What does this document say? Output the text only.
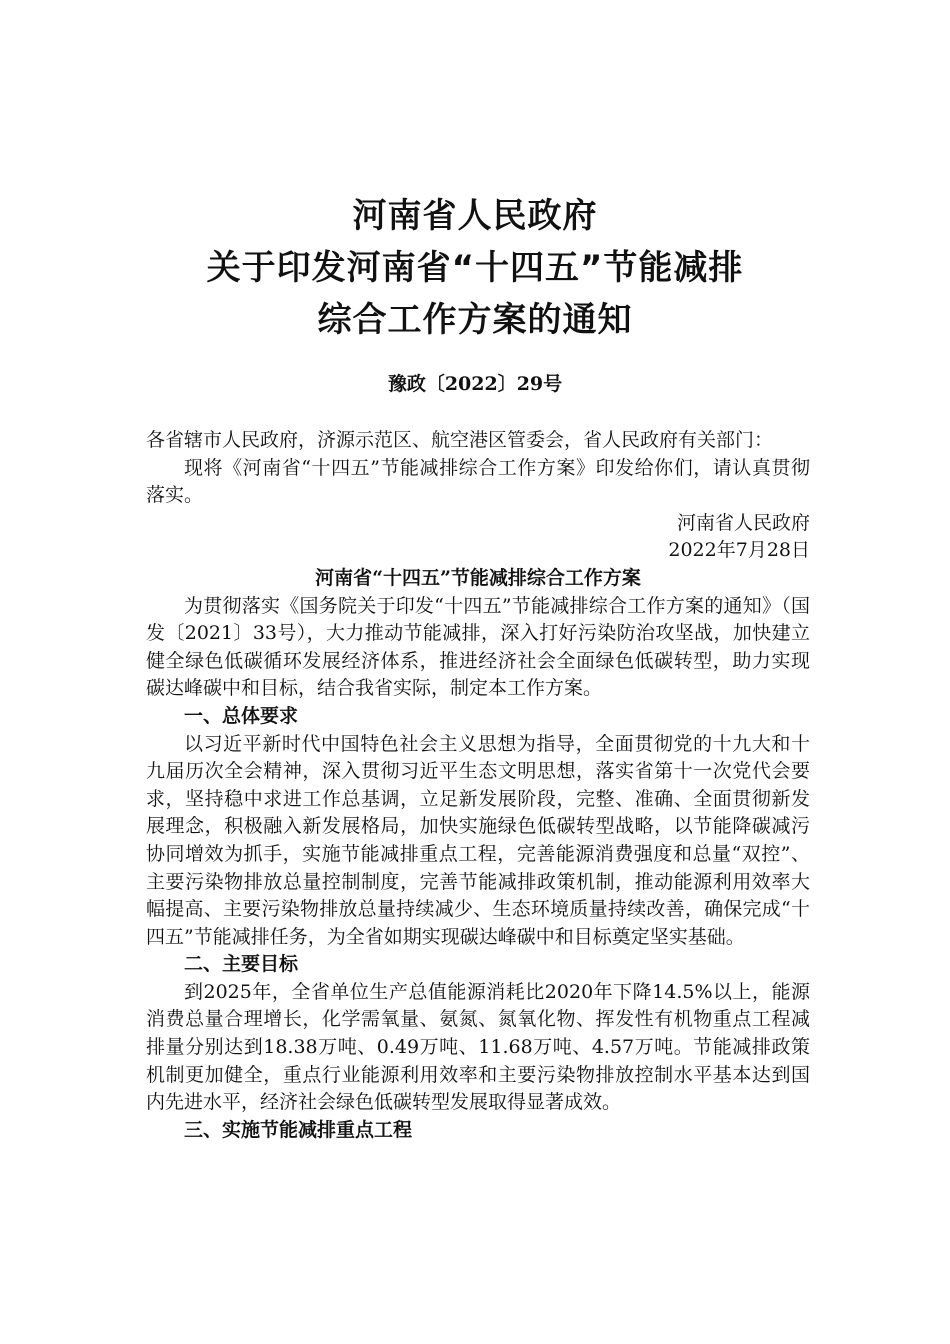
河南省人民政府
关于印发河南省“十四五”节能减排
综合工作方案的通知
豫政〔2022〕29号

各省辖市人民政府，济源示范区、航空港区管委会，省人民政府有关部门：

现将《河南省“十四五”节能减排综合工作方案》印发给你们，请认真贯彻落实。

河南省人民政府

2022年7月28日

河南省“十四五”节能减排综合工作方案

为贯彻落实《国务院关于印发“十四五”节能减排综合工作方案的通知》（国发〔2021〕33号），大力推动节能减排，深入打好污染防治攻坚战，加快建立健全绿色低碳循环发展经济体系，推进经济社会全面绿色低碳转型，助力实现碳达峰碳中和目标，结合我省实际，制定本工作方案。

一、总体要求

以习近平新时代中国特色社会主义思想为指导，全面贯彻党的十九大和十九届历次全会精神，深入贯彻习近平生态文明思想，落实省第十一次党代会要求，坚持稳中求进工作总基调，立足新发展阶段，完整、准确、全面贯彻新发展理念，积极融入新发展格局，加快实施绿色低碳转型战略，以节能降碳减污协同增效为抓手，实施节能减排重点工程，完善能源消费强度和总量“双控”、主要污染物排放总量控制制度，完善节能减排政策机制，推动能源利用效率大幅提高、主要污染物排放总量持续减少、生态环境质量持续改善，确保完成“十四五”节能减排任务，为全省如期实现碳达峰碳中和目标奠定坚实基础。

二、主要目标

到2025年，全省单位生产总值能源消耗比2020年下降14.5%以上，能源消费总量合理增长，化学需氧量、氨氮、氮氧化物、挥发性有机物重点工程减排量分别达到18.38万吨、0.49万吨、11.68万吨、4.57万吨。节能减排政策机制更加健全，重点行业能源利用效率和主要污染物排放控制水平基本达到国内先进水平，经济社会绿色低碳转型发展取得显著成效。

三、实施节能减排重点工程
